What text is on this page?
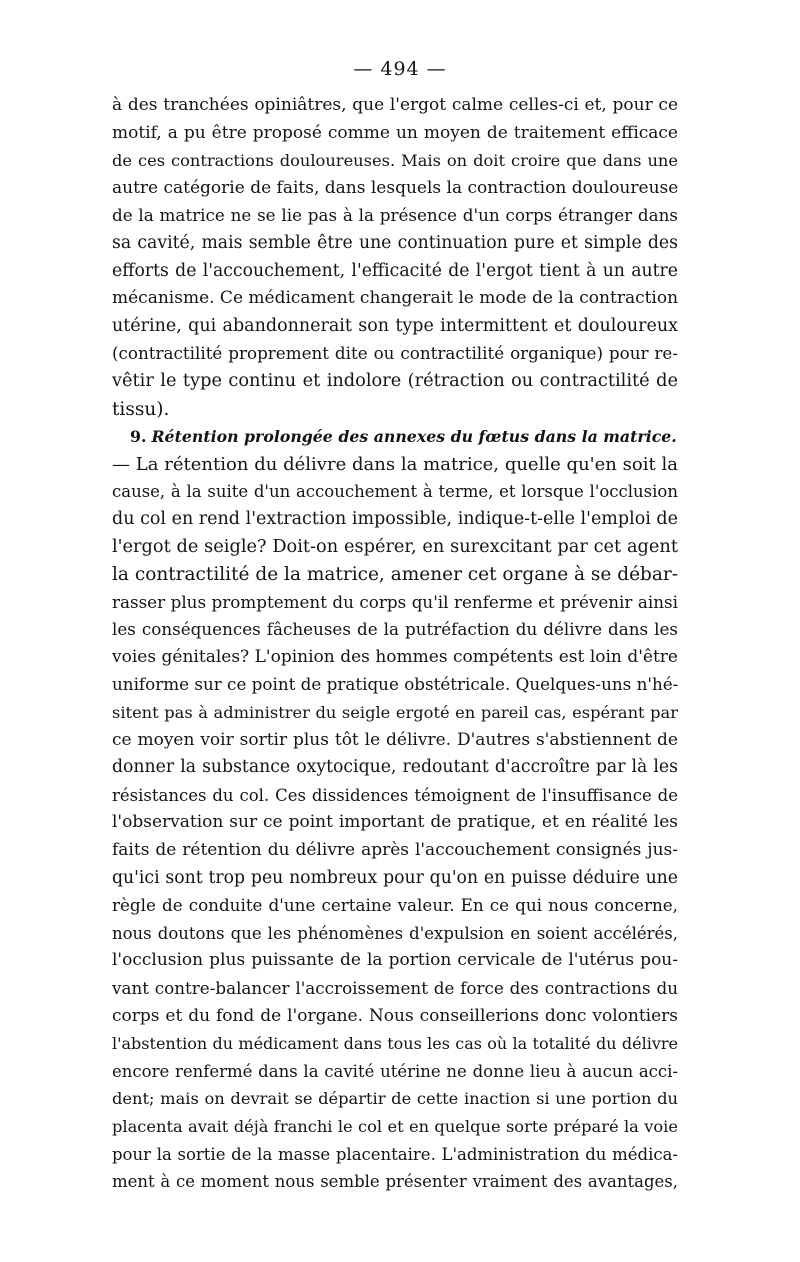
— 494 —
à des tranchées opiniâtres, que l'ergot calme celles-ci et, pour ce
motif, a pu être proposé comme un moyen de traitement efficace
de ces contractions douloureuses. Mais on doit croire que dans une
autre catégorie de faits, dans lesquels la contraction douloureuse
de la matrice ne se lie pas à la présence d'un corps étranger dans
sa cavité, mais semble être une continuation pure et simple des
efforts de l'accouchement, l'efficacité de l'ergot tient à un autre
mécanisme. Ce médicament changerait le mode de la contraction
utérine, qui abandonnerait son type intermittent et douloureux
(contractilité proprement dite ou contractilité organique) pour re-
vêtir le type continu et indolore (rétraction ou contractilité de
tissu).
9. Rétention prolongée des annexes du fœtus dans la matrice.
— La rétention du délivre dans la matrice, quelle qu'en soit la
cause, à la suite d'un accouchement à terme, et lorsque l'occlusion
du col en rend l'extraction impossible, indique-t-elle l'emploi de
l'ergot de seigle? Doit-on espérer, en surexcitant par cet agent
la contractilité de la matrice, amener cet organe à se débar-
rasser plus promptement du corps qu'il renferme et prévenir ainsi
les conséquences fâcheuses de la putréfaction du délivre dans les
voies génitales? L'opinion des hommes compétents est loin d'être
uniforme sur ce point de pratique obstétricale. Quelques-uns n'hé-
sitent pas à administrer du seigle ergoté en pareil cas, espérant par
ce moyen voir sortir plus tôt le délivre. D'autres s'abstiennent de
donner la substance oxytocique, redoutant d'accroître par là les
résistances du col. Ces dissidences témoignent de l'insuffisance de
l'observation sur ce point important de pratique, et en réalité les
faits de rétention du délivre après l'accouchement consignés jus-
qu'ici sont trop peu nombreux pour qu'on en puisse déduire une
règle de conduite d'une certaine valeur. En ce qui nous concerne,
nous doutons que les phénomènes d'expulsion en soient accélérés,
l'occlusion plus puissante de la portion cervicale de l'utérus pou-
vant contre-balancer l'accroissement de force des contractions du
corps et du fond de l'organe. Nous conseillerions donc volontiers
l'abstention du médicament dans tous les cas où la totalité du délivre
encore renfermé dans la cavité utérine ne donne lieu à aucun acci-
dent; mais on devrait se départir de cette inaction si une portion du
placenta avait déjà franchi le col et en quelque sorte préparé la voie
pour la sortie de la masse placentaire. L'administration du médica-
ment à ce moment nous semble présenter vraiment des avantages,
